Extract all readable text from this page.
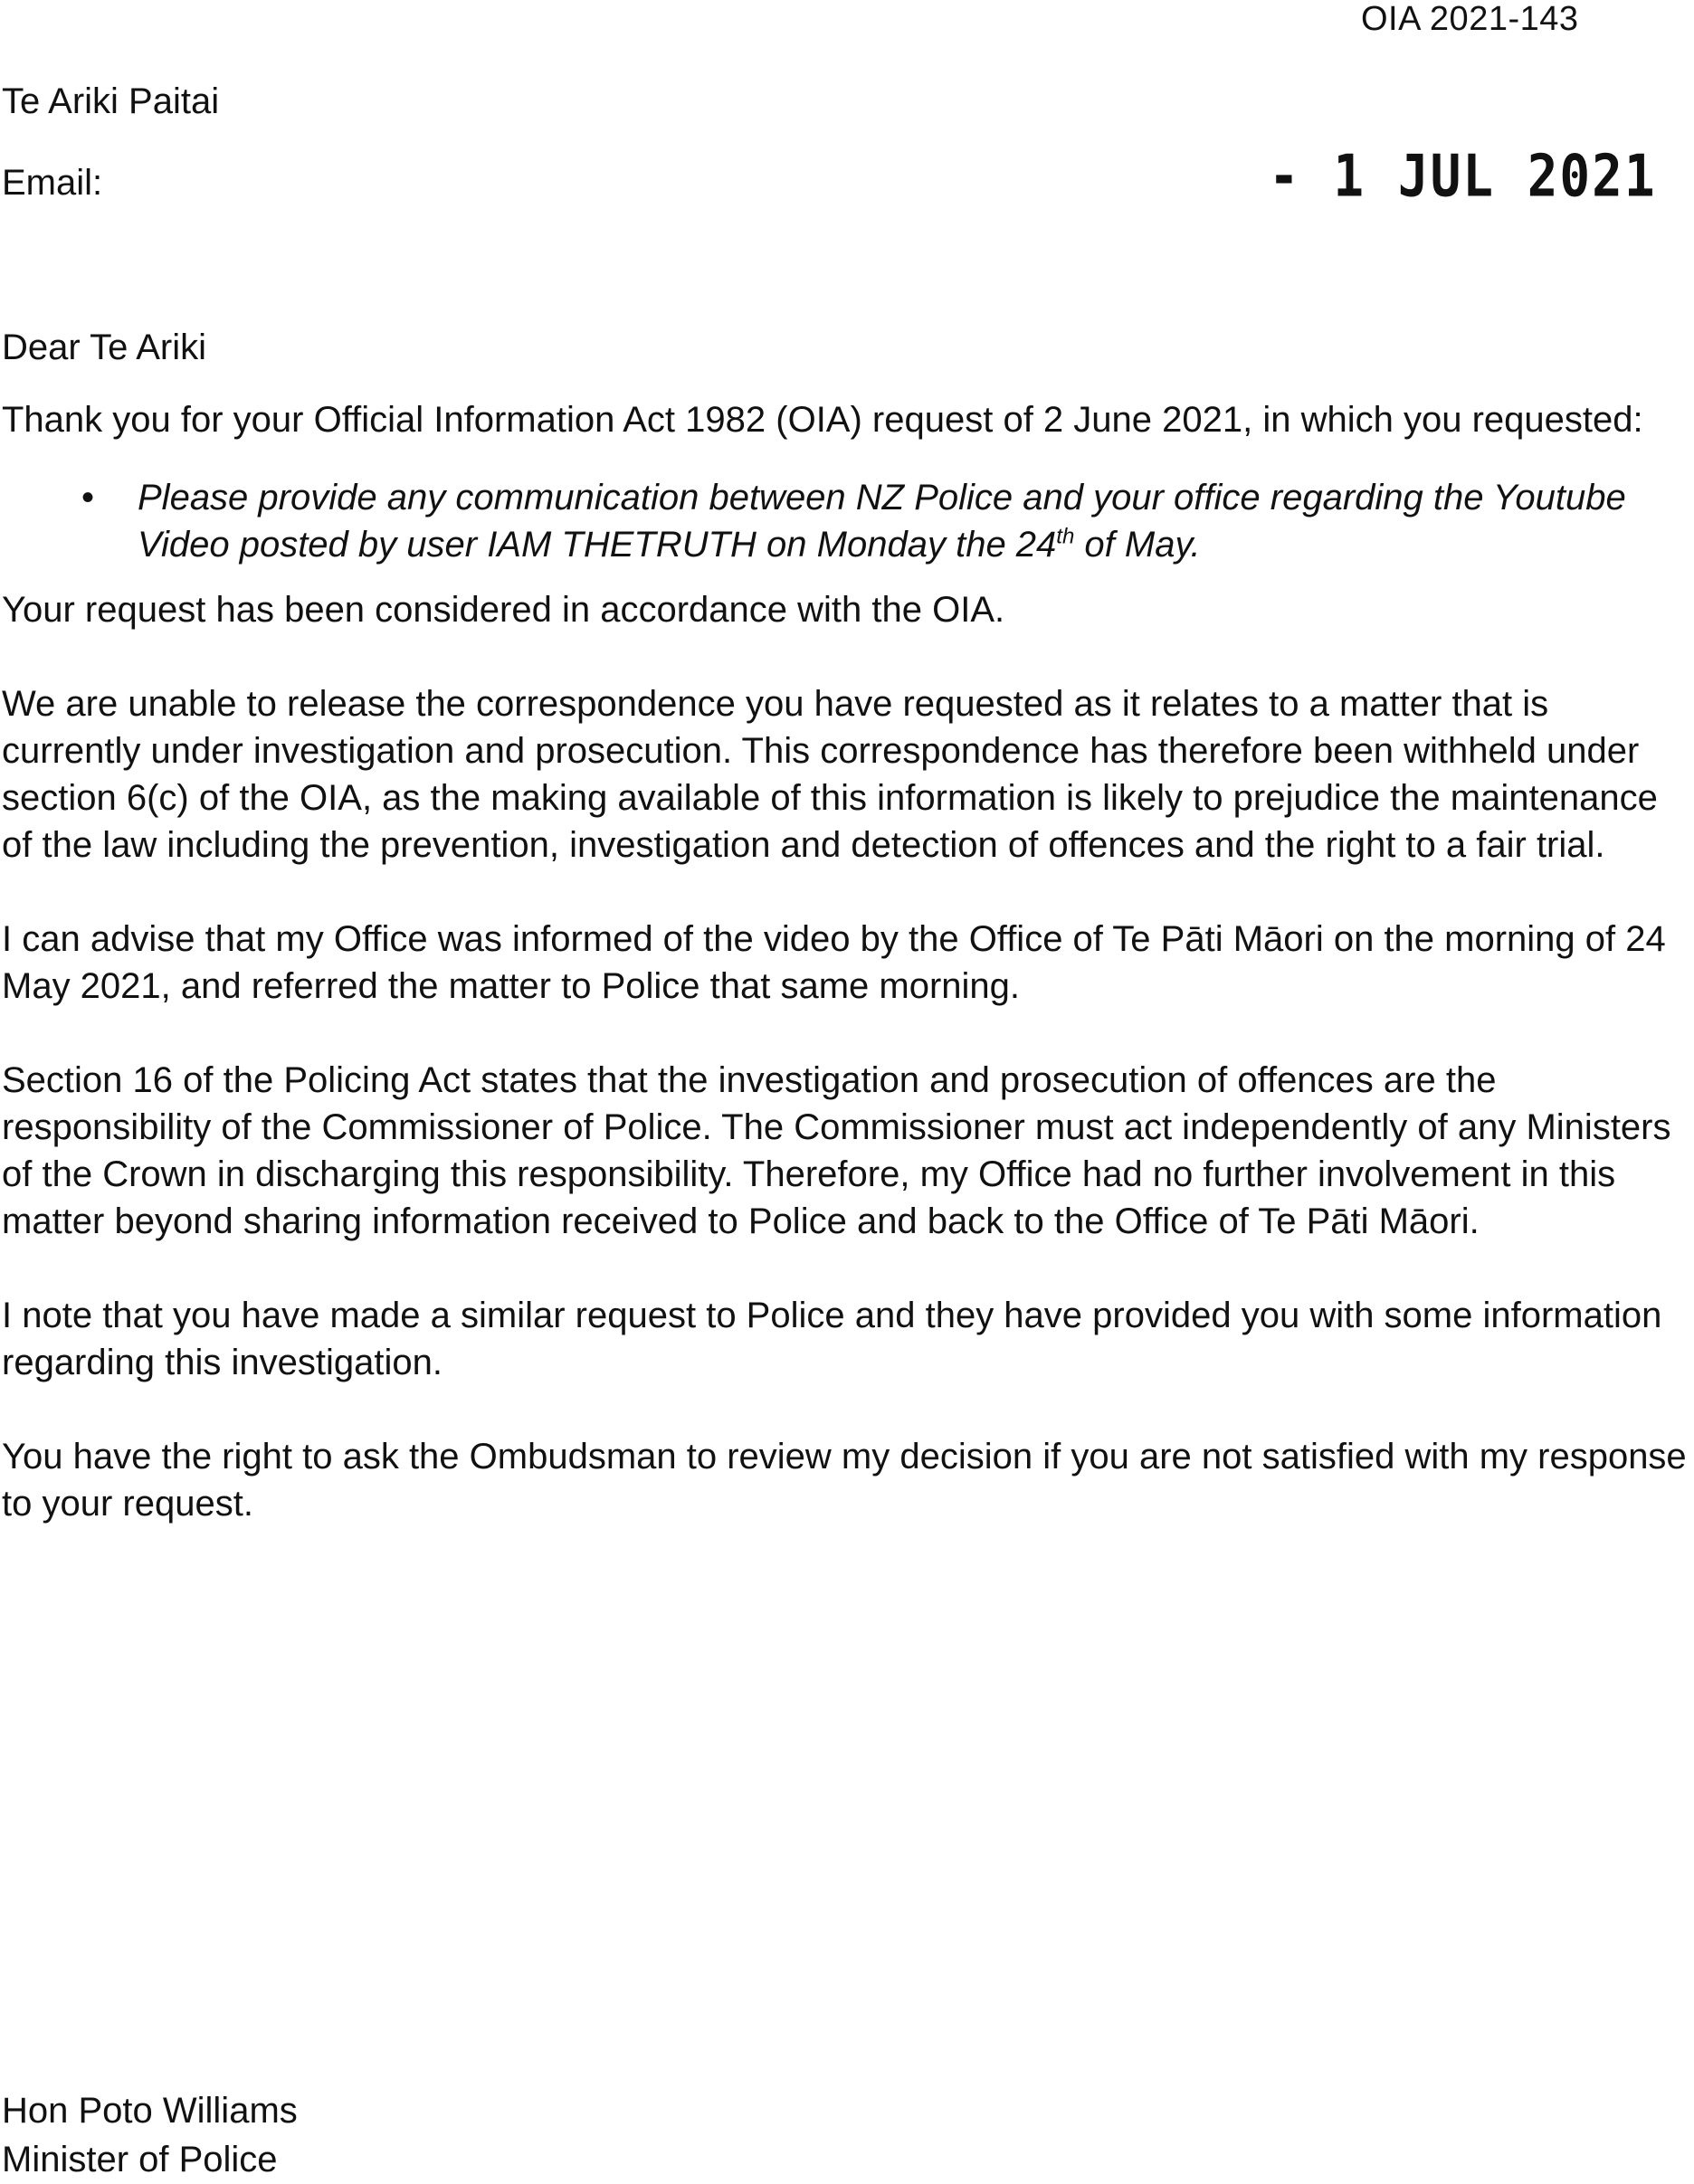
OIA 2021-143
Te Ariki Paitai
Email:	- 1 JUL 2021

Dear Te Ariki

Thank you for your Official Information Act 1982 (OIA) request of 2 June 2021, in which you requested:

• Please provide any communication between NZ Police and your office regarding the Youtube Video posted by user IAM THETRUTH on Monday the 24th of May.

Your request has been considered in accordance with the OIA.

We are unable to release the correspondence you have requested as it relates to a matter that is currently under investigation and prosecution. This correspondence has therefore been withheld under section 6(c) of the OIA, as the making available of this information is likely to prejudice the maintenance of the law including the prevention, investigation and detection of offences and the right to a fair trial.

I can advise that my Office was informed of the video by the Office of Te Pāti Māori on the morning of 24 May 2021, and referred the matter to Police that same morning.

Section 16 of the Policing Act states that the investigation and prosecution of offences are the responsibility of the Commissioner of Police. The Commissioner must act independently of any Ministers of the Crown in discharging this responsibility. Therefore, my Office had no further involvement in this matter beyond sharing information received to Police and back to the Office of Te Pāti Māori.

I note that you have made a similar request to Police and they have provided you with some information regarding this investigation.

You have the right to ask the Ombudsman to review my decision if you are not satisfied with my response to your request.

Hon Poto Williams
Minister of Police
